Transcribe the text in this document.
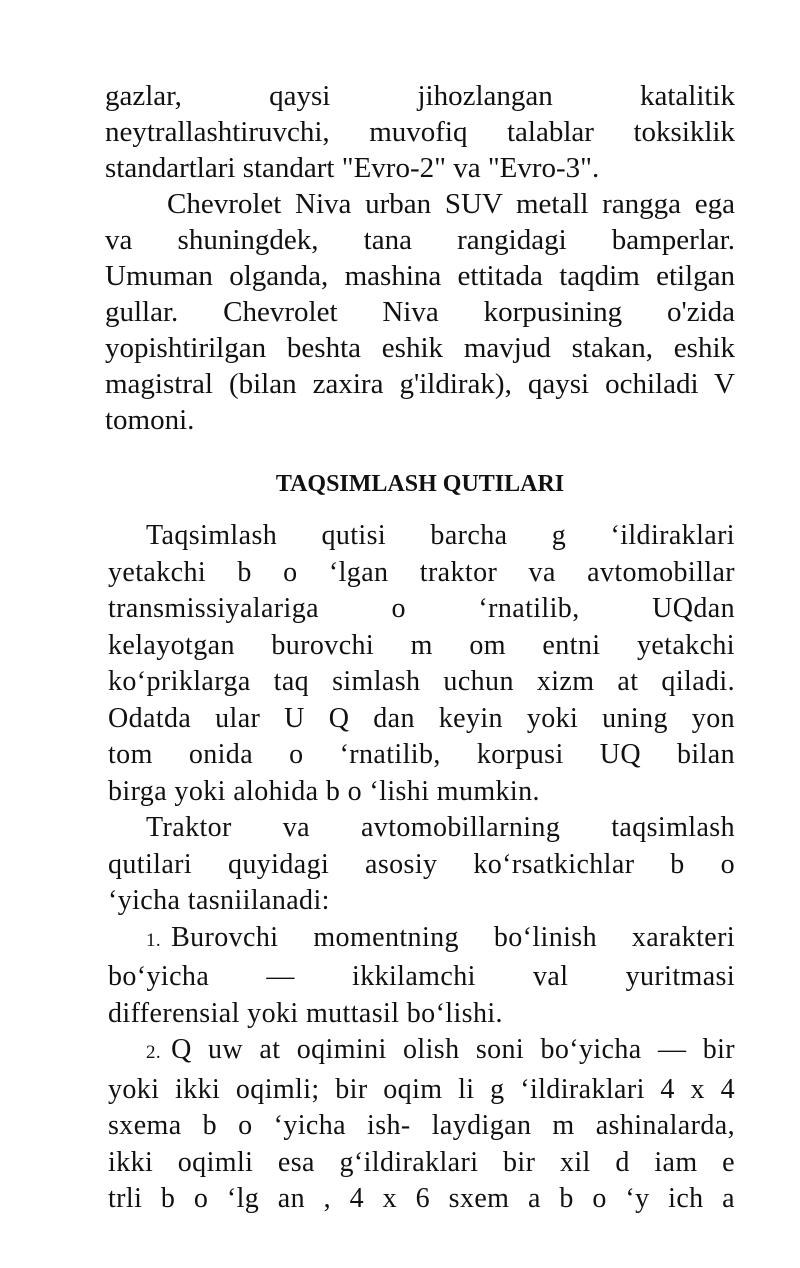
gazlar, qaysi jihozlangan katalitik
neytrallashtiruvchi, muvofiq talablar toksiklik
standartlari standart "Evro-2" va "Evro-3".
Chevrolet Niva urban SUV metall rangga ega
va shuningdek, tana rangidagi bamperlar.
Umuman olganda, mashina ettitada taqdim etilgan
gullar. Chevrolet Niva korpusining o'zida
yopishtirilgan beshta eshik mavjud stakan, eshik
magistral (bilan zaxira g'ildirak), qaysi ochiladi V
tomoni.
TAQSIMLASH QUTILARI
Taqsimlash qutisi barcha g ‘ildiraklari
yetakchi b o ‘lgan traktor va avtomobillar
transmissiyalariga o ‘rnatilib, UQdan
kelayotgan burovchi m om entni yetakchi
ko‘priklarga taq simlash uchun xizm at qiladi.
Odatda ular U Q dan keyin yoki uning yon
tom onida o ‘rnatilib, korpusi UQ bilan
birga yoki alohida b o ‘lishi mumkin.
Traktor va avtomobillarning taqsimlash
qutilari quyidagi asosiy ko‘rsatkichlar b o
‘yicha tasniilanadi:
1. Burovchi momentning bo‘linish xarakteri
bo‘yicha — ikkilamchi val yuritmasi
differensial yoki muttasil bo‘lishi.
2. Q uw at oqimini olish soni bo‘yicha — bir
yoki ikki oqimli; bir oqim li g ‘ildiraklari 4 x 4
sxema b o ‘yicha ish- laydigan m ashinalarda,
ikki oqimli esa g‘ildiraklari bir xil d iam e
trli b o ‘lg an , 4 x 6 sxem a b o ‘y ich a
